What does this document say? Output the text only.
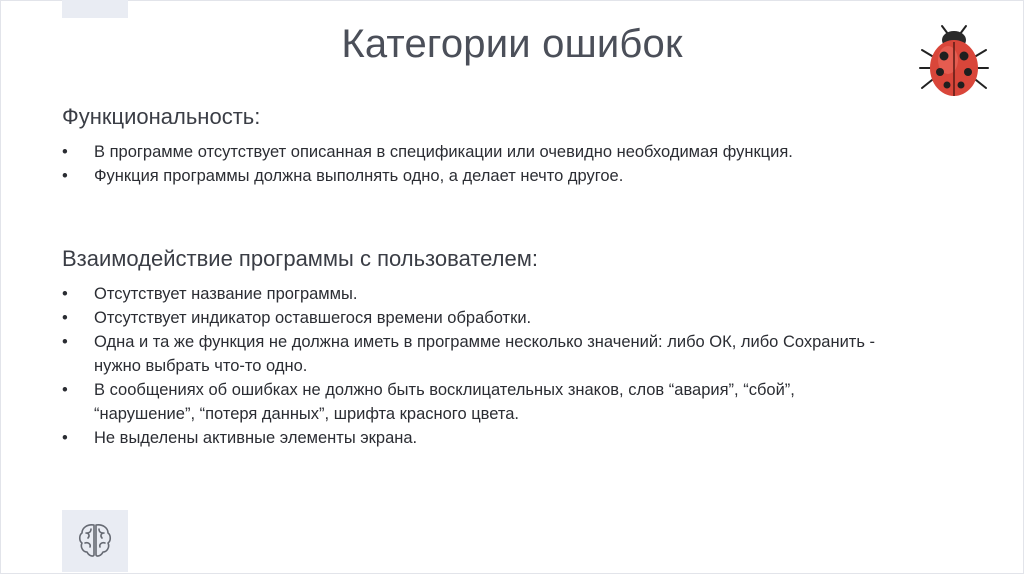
Категории ошибок
Функциональность:
•	В программе отсутствует описанная в спецификации или очевидно необходимая функция.
•	Функция программы должна выполнять одно, а делает нечто другое.
Взаимодействие программы с пользователем:
•	Отсутствует название программы.
•	Отсутствует индикатор оставшегося времени обработки.
•	Одна и та же функция не должна иметь в программе несколько значений: либо ОК, либо Сохранить - нужно выбрать что-то одно.
•	В сообщениях об ошибках не должно быть восклицательных знаков, слов “авария”, “сбой”, “нарушение”, “потеря данных”, шрифта красного цвета.
•	Не выделены активные элементы экрана.
